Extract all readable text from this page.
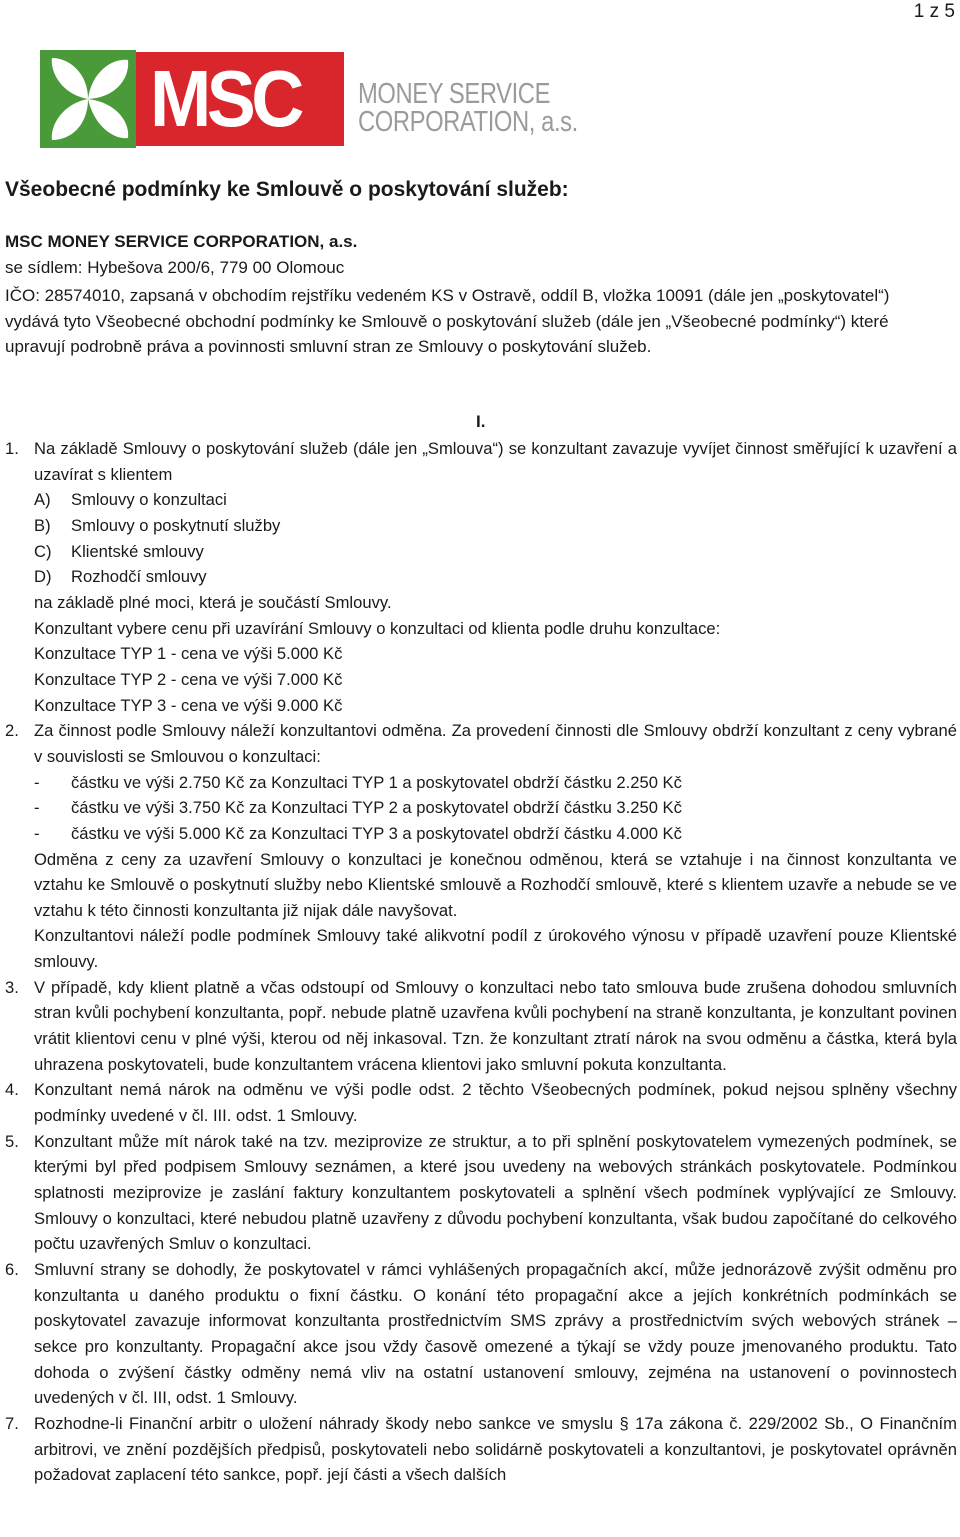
1 z 5
MSC MONEY SERVICE
CORPORATION, a.s.
Všeobecné podmínky ke Smlouvě o poskytování služeb:
MSC MONEY SERVICE CORPORATION, a.s.
se sídlem: Hybešova 200/6, 779 00 Olomouc
IČO: 28574010, zapsaná v obchodím rejstříku vedeném KS v Ostravě, oddíl B, vložka 10091 (dále jen „poskytovatel“) vydává tyto Všeobecné obchodní podmínky ke Smlouvě o poskytování služeb (dále jen „Všeobecné podmínky“) které upravují podrobně práva a povinnosti smluvní stran ze Smlouvy o poskytování služeb.
I.
1. Na základě Smlouvy o poskytování služeb (dále jen „Smlouva“) se konzultant zavazuje vyvíjet činnost směřující k uzavření a uzavírat s klientem
A)	Smlouvy o konzultaci
B)	Smlouvy o poskytnutí služby
C)	Klientské smlouvy
D)	Rozhodčí smlouvy
na základě plné moci, která je součástí Smlouvy.
Konzultant vybere cenu při uzavírání Smlouvy o konzultaci od klienta podle druhu konzultace:
Konzultace TYP 1 - cena ve výši 5.000 Kč
Konzultace TYP 2 - cena ve výši 7.000 Kč
Konzultace TYP 3 - cena ve výši 9.000 Kč
2. Za činnost podle Smlouvy náleží konzultantovi odměna. Za provedení činnosti dle Smlouvy obdrží konzultant z ceny vybrané v souvislosti se Smlouvou o konzultaci:
-	částku ve výši 2.750 Kč za Konzultaci TYP 1 a poskytovatel obdrží částku 2.250 Kč
-	částku ve výši 3.750 Kč za Konzultaci TYP 2 a poskytovatel obdrží částku 3.250 Kč
-	částku ve výši 5.000 Kč za Konzultaci TYP 3 a poskytovatel obdrží částku 4.000 Kč
Odměna z ceny za uzavření Smlouvy o konzultaci je konečnou odměnou, která se vztahuje i na činnost konzultanta ve vztahu ke Smlouvě o poskytnutí služby nebo Klientské smlouvě a Rozhodčí smlouvě, které s klientem uzavře a nebude se ve vztahu k této činnosti konzultanta již nijak dále navyšovat.
Konzultantovi náleží podle podmínek Smlouvy také alikvotní podíl z úrokového výnosu v případě uzavření pouze Klientské smlouvy.
3. V případě, kdy klient platně a včas odstoupí od Smlouvy o konzultaci nebo tato smlouva bude zrušena dohodou smluvních stran kvůli pochybení konzultanta, popř. nebude platně uzavřena kvůli pochybení na straně konzultanta, je konzultant povinen vrátit klientovi cenu v plné výši, kterou od něj inkasoval. Tzn. že konzultant ztratí nárok na svou odměnu a částka, která byla uhrazena poskytovateli, bude konzultantem vrácena klientovi jako smluvní pokuta konzultanta.
4. Konzultant nemá nárok na odměnu ve výši podle odst. 2 těchto Všeobecných podmínek, pokud nejsou splněny všechny podmínky uvedené v čl. III. odst. 1 Smlouvy.
5. Konzultant může mít nárok také na tzv. meziprovize ze struktur, a to při splnění poskytovatelem vymezených podmínek, se kterými byl před podpisem Smlouvy seznámen, a které jsou uvedeny na webových stránkách poskytovatele. Podmínkou splatnosti meziprovize je zaslání faktury konzultantem poskytovateli a splnění všech podmínek vyplývající ze Smlouvy. Smlouvy o konzultaci, které nebudou platně uzavřeny z důvodu pochybení konzultanta, však budou započítané do celkového počtu uzavřených Smluv o konzultaci.
6. Smluvní strany se dohodly, že poskytovatel v rámci vyhlášených propagačních akcí, může jednorázově zvýšit odměnu pro konzultanta u daného produktu o fixní částku. O konání této propagační akce a jejích konkrétních podmínkách se poskytovatel zavazuje informovat konzultanta prostřednictvím SMS zprávy a prostřednictvím svých webových stránek – sekce pro konzultanty. Propagační akce jsou vždy časově omezené a týkají se vždy pouze jmenovaného produktu. Tato dohoda o zvýšení částky odměny nemá vliv na ostatní ustanovení smlouvy, zejména na ustanovení o povinnostech uvedených v čl. III, odst. 1 Smlouvy.
7. Rozhodne-li Finanční arbitr o uložení náhrady škody nebo sankce ve smyslu § 17a zákona č. 229/2002 Sb., O Finančním arbitrovi, ve znění pozdějších předpisů, poskytovateli nebo solidárně poskytovateli a konzultantovi, je poskytovatel oprávněn požadovat zaplacení této sankce, popř. její části a všech dalších
